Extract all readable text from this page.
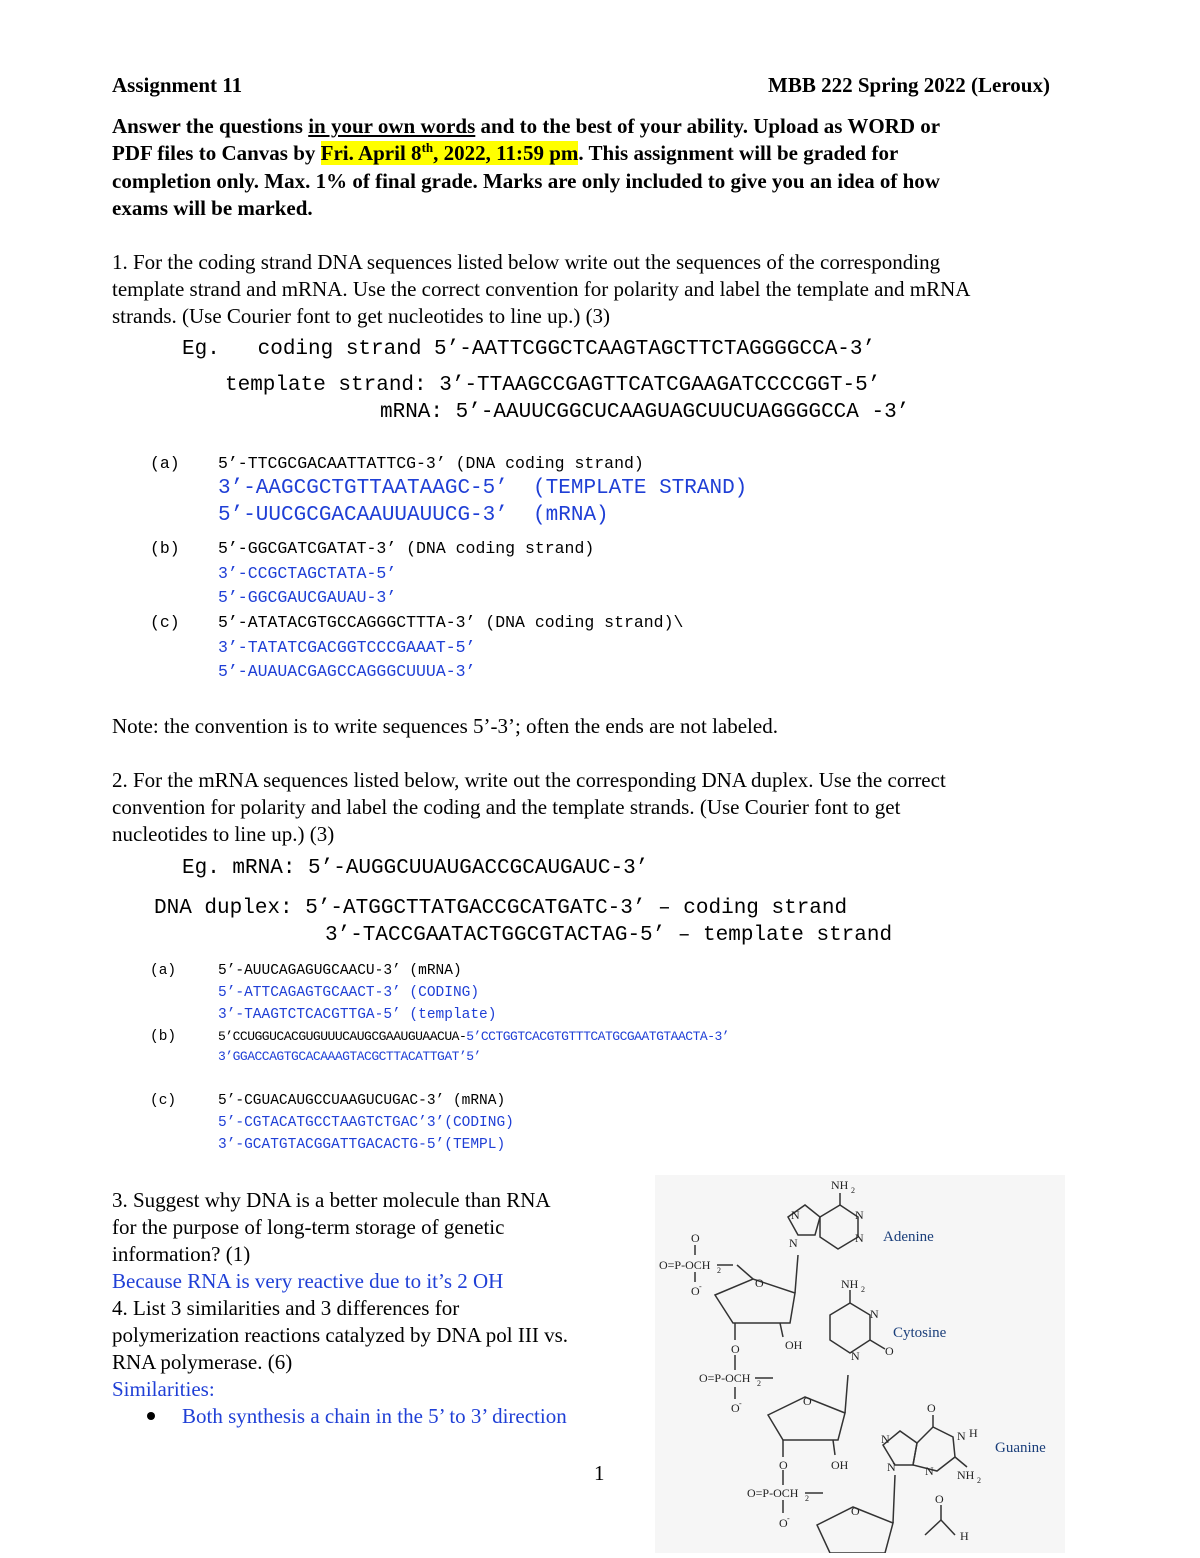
Assignment 11	MBB 222 Spring 2022 (Leroux)
Answer the questions in your own words and to the best of your ability. Upload as WORD or
PDF files to Canvas by Fri. April 8th, 2022, 11:59 pm. This assignment will be graded for
completion only. Max. 1% of final grade. Marks are only included to give you an idea of how
exams will be marked.
1. For the coding strand DNA sequences listed below write out the sequences of the corresponding
template strand and mRNA. Use the correct convention for polarity and label the template and mRNA
strands. (Use Courier font to get nucleotides to line up.) (3)
Eg.   coding strand 5’-AATTCGGCTCAAGTAGCTTCTAGGGGCCA-3’
template strand: 3’-TTAAGCCGAGTTCATCGAAGATCCCCGGT-5’
mRNA: 5’-AAUUCGGCUCAAGUAGCUUCUAGGGGCCA -3’
(a) 5’-TTCGCGACAATTATTCG-3’ (DNA coding strand)
3’-AAGCGCTGTTAATAAGC-5’  (TEMPLATE STRAND)
5’-UUCGCGACAAUUAUUCG-3’  (mRNA)
(b) 5’-GGCGATCGATAT-3’ (DNA coding strand)
3’-CCGCTAGCTATA-5’
5’-GGCGAUCGAUAU-3’
(c) 5’-ATATACGTGCCAGGGCTTTA-3’ (DNA coding strand)\
3’-TATATCGACGGTCCCGAAAT-5’
5’-AUAUACGAGCCAGGGCUUUA-3’
Note: the convention is to write sequences 5’-3’; often the ends are not labeled.
2. For the mRNA sequences listed below, write out the corresponding DNA duplex. Use the correct
convention for polarity and label the coding and the template strands. (Use Courier font to get
nucleotides to line up.) (3)
Eg. mRNA: 5’-AUGGCUUAUGACCGCAUGAUC-3’
DNA duplex: 5’-ATGGCTTATGACCGCATGATC-3’ – coding strand
3’-TACCGAATACTGGCGTACTAG-5’ – template strand
(a)	5’-AUUCAGAGUGCAACU-3’ (mRNA)
5’-ATTCAGAGTGCAACT-3’ (CODING)
3’-TAAGTCTCACGTTGA-5’ (template)
(b)	5’CCUGGUCACGUGUUUCAUGCGAAUGUAACUA-5’CCTGGTCACGTGTTTCATGCGAATGTAACTA-3’
3’GGACCAGTGCACAAAGTACGCTTACATTGAT’5’
(c)	5’-CGUACAUGCCUAAGUCUGAC-3’ (mRNA)
5’-CGTACATGCCTAAGTCTGAC’3’(CODING)
3’-GCATGTACGGATTGACACTG-5’(TEMPL)
3. Suggest why DNA is a better molecule than RNA
for the purpose of long-term storage of genetic
information? (1)
Because RNA is very reactive due to it’s 2 OH
4. List 3 similarities and 3 differences for
polymerization reactions catalyzed by DNA pol III vs.
RNA polymerase. (6)
Similarities:
Both synthesis a chain in the 5’ to 3’ direction
1
O
O=P-OCH 2
O -	O
O	OH
NH 2
N	N
N
N
NH 2
N
N O
O=P-OCH 2
O -	O
O	OH
O
H
N
N
N N NH 2
O=P-OCH 2
O -
O
O
H
Adenine
Cytosine
Guanine
